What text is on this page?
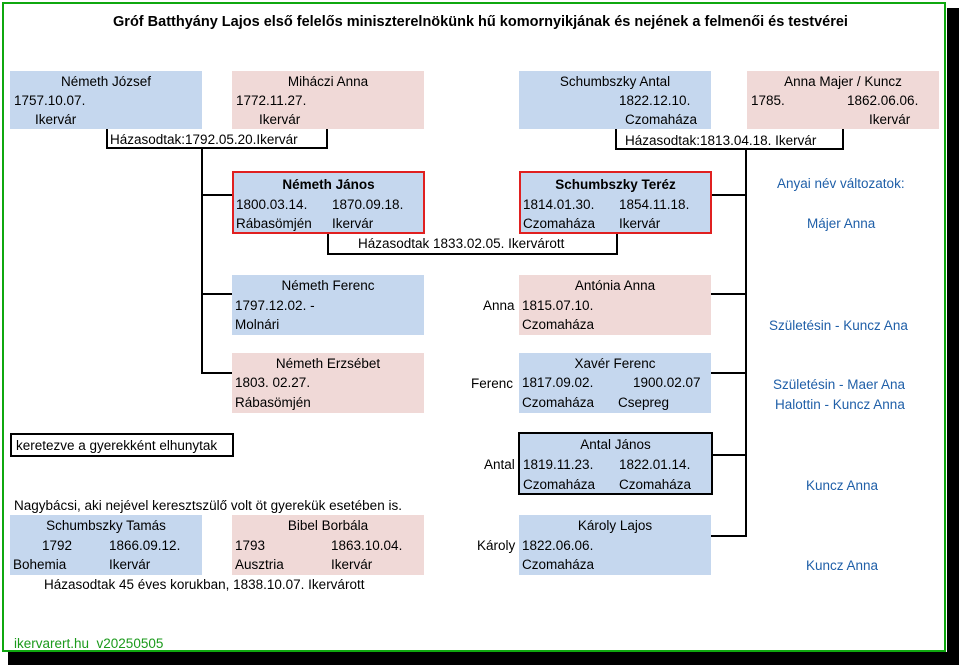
Gróf Batthyány Lajos első felelős miniszterelnökünk hű komornyikjának és nejének a felmenői és testvérei
Németh József
1757.10.07.
Ikervár
Miháczi Anna
1772.11.27.
Ikervár
Házasodtak:1792.05.20.Ikervár
Schumbszky Antal
1822.12.10.
Czomaháza
Anna Majer / Kuncz
1785.	1862.06.06.
Ikervár
Házasodtak:1813.04.18. Ikervár
Németh János
1800.03.14. 1870.09.18.
Rábasömjén Ikervár
Schumbszky Teréz
1814.01.30. 1854.11.18.
Czomaháza Ikervár
Házasodtak 1833.02.05. Ikervárott
Németh Ferenc
1797.12.02. -
Molnári
Németh Erzsébet
1803. 02.27.
Rábasömjén
Anna
Antónia Anna
1815.07.10.
Czomaháza
Ferenc
Xavér Ferenc
1817.09.02.	1900.02.07
Czomaháza Csepreg
Antal
Antal János
1819.11.23. 1822.01.14.
Czomaháza Czomaháza
Károly
Károly Lajos
1822.06.06.
Czomaháza
keretezve a gyerekként elhunytak
Nagybácsi, aki nejével keresztszülő volt öt gyerekük esetében is.
Schumbszky Tamás
1792	1866.09.12.
Bohemia	Ikervár
Bibel Borbála
1793	1863.10.04.
Ausztria	Ikervár
Házasodtak 45 éves korukban, 1838.10.07. Ikervárott
Anyai név változatok:
Májer Anna
Születésin - Kuncz Ana
Születésin - Maer Ana
Halottin - Kuncz Anna
Kuncz Anna
Kuncz Anna
ikervarert.hu_v20250505
